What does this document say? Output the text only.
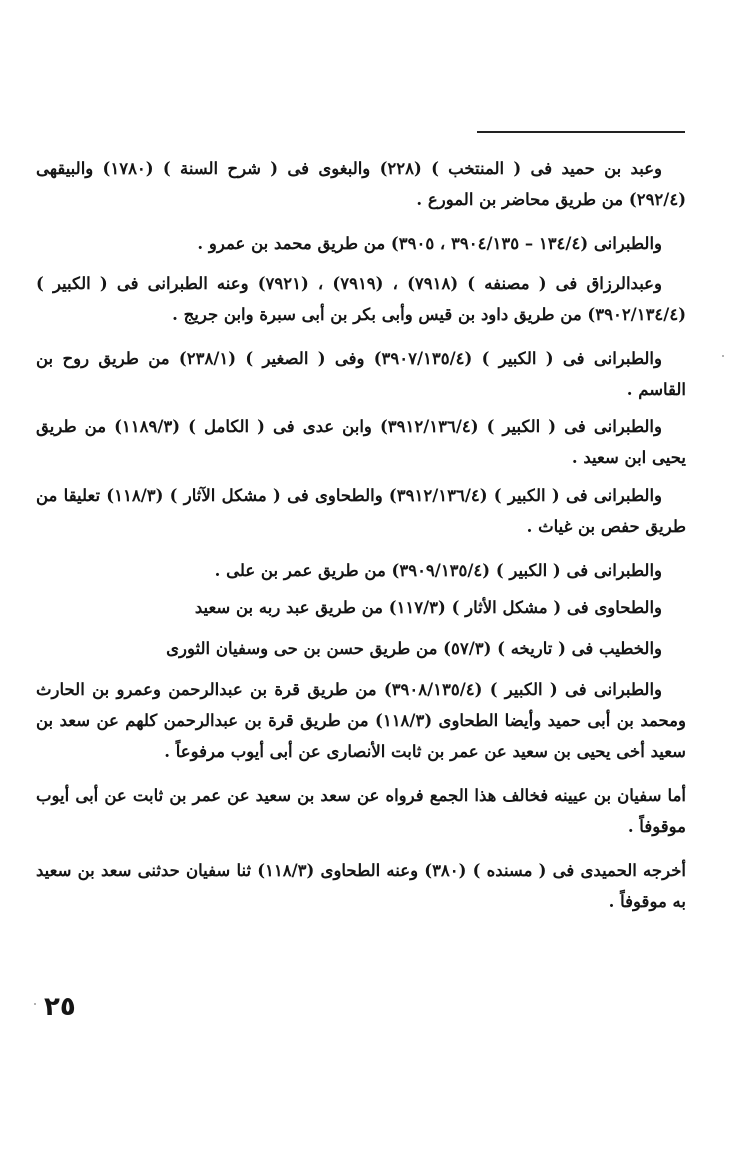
وعبد بن حميد فى ( المنتخب ) (٢٢٨) والبغوى فى ( شرح السنة ) (١٧٨٠) والبيقهى (٢٩٢/٤) من طريق محاضر بن المورع .
والطبرانى (١٣٤/٤ – ٣٩٠٤/١٣٥ ، ٣٩٠٥) من طريق محمد بن عمرو .
وعبدالرزاق فى ( مصنفه ) (٧٩١٨) ، (٧٩١٩) ، (٧٩٢١) وعنه الطبرانى فى ( الكبير ) (٣٩٠٢/١٣٤/٤) من طريق داود بن قيس وأبى بكر بن أبى سبرة وابن جريج .
والطبرانى فى ( الكبير ) (٣٩٠٧/١٣٥/٤) وفى ( الصغير ) (٢٣٨/١) من طريق روح بن القاسم .
والطبرانى فى ( الكبير ) (٣٩١٢/١٣٦/٤) وابن عدى فى ( الكامل ) (١١٨٩/٣) من طريق يحيى ابن سعيد .
والطبرانى فى ( الكبير ) (٣٩١٢/١٣٦/٤) والطحاوى فى ( مشكل الآثار ) (١١٨/٣) تعليقا من طريق حفص بن غياث .
والطبرانى فى ( الكبير ) (٣٩٠٩/١٣٥/٤) من طريق عمر بن على .
والطحاوى فى ( مشكل الأثار ) (١١٧/٣) من طريق عبد ربه بن سعيد
والخطيب فى ( تاريخه ) (٥٧/٣) من طريق حسن بن حى وسفيان الثورى
والطبرانى فى ( الكبير ) (٣٩٠٨/١٣٥/٤) من طريق قرة بن عبدالرحمن وعمرو بن الحارث ومحمد بن أبى حميد وأيضا الطحاوى (١١٨/٣) من طريق قرة بن عبدالرحمن كلهم عن سعد بن سعيد أخى يحيى بن سعيد عن عمر بن ثابت الأنصارى عن أبى أيوب مرفوعاً .
أما سفيان بن عيينه فخالف هذا الجمع فرواه عن سعد بن سعيد عن عمر بن ثابت عن أبى أيوب موقوفاً .
أخرجه الحميدى فى ( مسنده ) (٣٨٠) وعنه الطحاوى (١١٨/٣) ثنا سفيان حدثنى سعد بن سعيد به موقوفاً .
٢٥
